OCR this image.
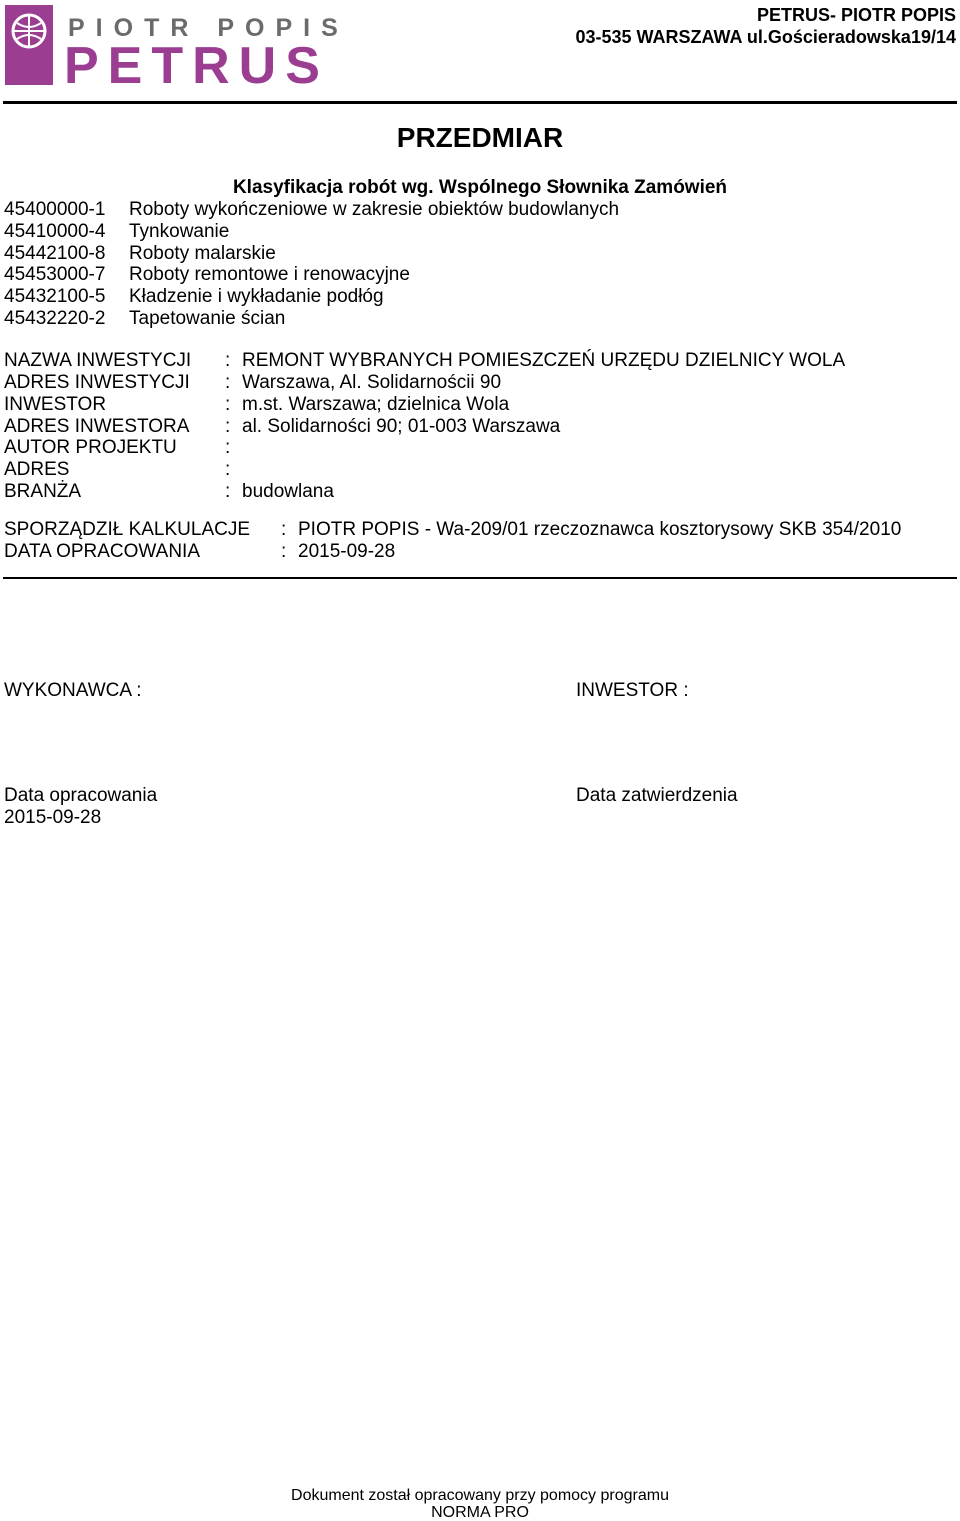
PIOTR POPIS
PETRUS
PETRUS- PIOTR POPIS
03-535 WARSZAWA ul.Gościeradowska19/14
PRZEDMIAR
Klasyfikacja robót wg. Wspólnego Słownika Zamówień
45400000-1 Roboty wykończeniowe w zakresie obiektów budowlanych
45410000-4 Tynkowanie
45442100-8 Roboty malarskie
45453000-7 Roboty remontowe i renowacyjne
45432100-5 Kładzenie i wykładanie podłóg
45432220-2 Tapetowanie ścian
NAZWA INWESTYCJI : REMONT WYBRANYCH POMIESZCZEŃ URZĘDU DZIELNICY WOLA
ADRES INWESTYCJI : Warszawa, Al. Solidarnościi 90
INWESTOR	: m.st. Warszawa; dzielnica Wola
ADRES INWESTORA : al. Solidarności 90; 01-003 Warszawa
AUTOR PROJEKTU	:
ADRES	:
BRANŻA	: budowlana
SPORZĄDZIŁ KALKULACJE : PIOTR POPIS - Wa-209/01 rzeczoznawca kosztorysowy SKB 354/2010
DATA OPRACOWANIA	: 2015-09-28
WYKONAWCA :	INWESTOR :
Data opracowania
2015-09-28
Data zatwierdzenia
Dokument został opracowany przy pomocy programu
NORMA PRO
